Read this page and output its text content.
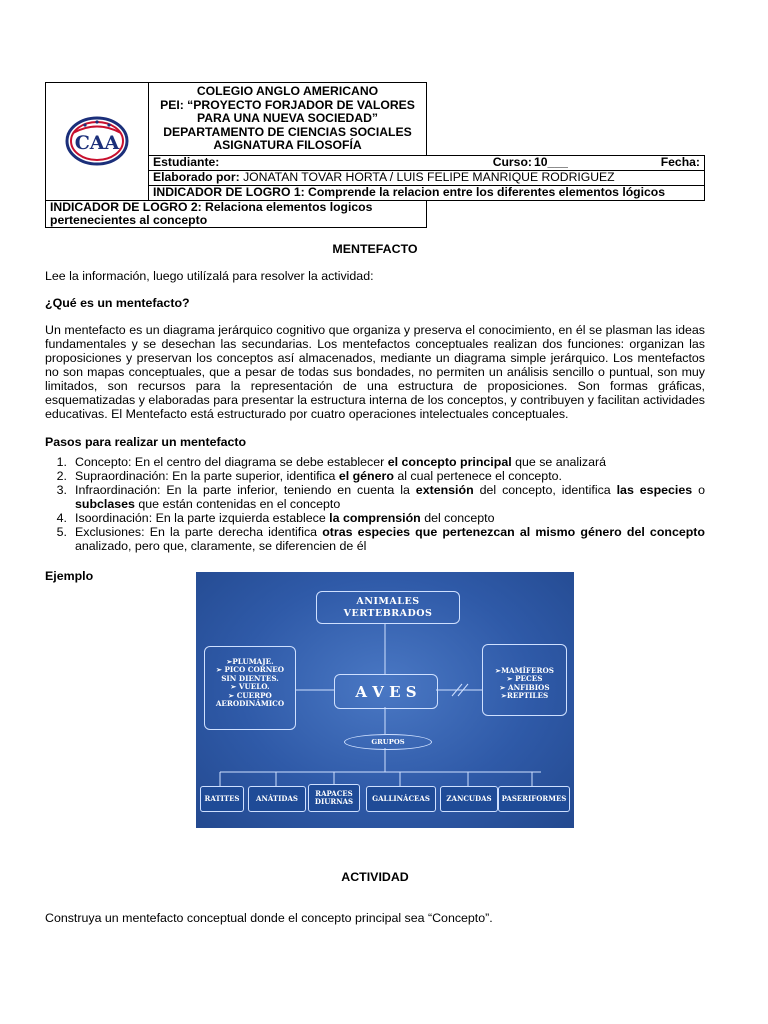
CAA

COLEGIO ANGLO AMERICANO
PEI: “PROYECTO FORJADOR DE VALORES PARA UNA NUEVA SOCIEDAD”
DEPARTAMENTO DE CIENCIAS SOCIALES
ASIGNATURA FILOSOFÍA

Estudiante:	Curso: 10___	Fecha:

Elaborado por: JONATAN TOVAR HORTA / LUIS FELIPE MANRIQUE RODRIGUEZ
INDICADOR DE LOGRO 1: Comprende la relacion entre los diferentes elementos lógicos
INDICADOR DE LOGRO 2: Relaciona elementos logicos pertenecientes al concepto
MENTEFACTO

Lee la información, luego utilízalá para resolver la actividad:

¿Qué es un mentefacto?

Un mentefacto es un diagrama jerárquico cognitivo que organiza y preserva el conocimiento, en él se plasman las ideas fundamentales y se desechan las secundarias. Los mentefactos conceptuales realizan dos funciones: organizan las proposiciones y preservan los conceptos así almacenados, mediante un diagrama simple jerárquico. Los mentefactos no son mapas conceptuales, que a pesar de todas sus bondades, no permiten un análisis sencillo o puntual, son muy limitados, son recursos para la representación de una estructura de proposiciones. Son formas gráficas, esquematizadas y elaboradas para presentar la estructura interna de los conceptos, y contribuyen y facilitan actividades educativas. El Mentefacto está estructurado por cuatro operaciones intelectuales conceptuales.

Pasos para realizar un mentefacto
1. Concepto: En el centro del diagrama se debe establecer el concepto principal que se analizará
2. Supraordinación: En la parte superior, identifica el género al cual pertenece el concepto.
3. Infraordinación: En la parte inferior, teniendo en cuenta la extensión del concepto, identifica las especies o subclases que están contenidas en el concepto
4. Isoordinación: En la parte izquierda establece la comprensión del concepto
5. Exclusiones: En la parte derecha identifica otras especies que pertenezcan al mismo género del concepto analizado, pero que, claramente, se diferencien de él
Ejemplo
ANIMALES VERTEBRADOS
A V E S
➢PLUMAJE.
➢ PICO CORNEO
SIN DIENTES.
➢ VUELO.
➢ CUERPO
AERODINÁMICO
➢MAMÍFEROS
➢ PECES
➢ ANFIBIOS
➢REPTILES
GRUPOS
RATITES	ANÁTIDAS
RAPACES DIURNAS	GALLINÁCEAS	ZANCUDAS	PASERIFORMES
ACTIVIDAD

Construya un mentefacto conceptual donde el concepto principal sea “Concepto”.
